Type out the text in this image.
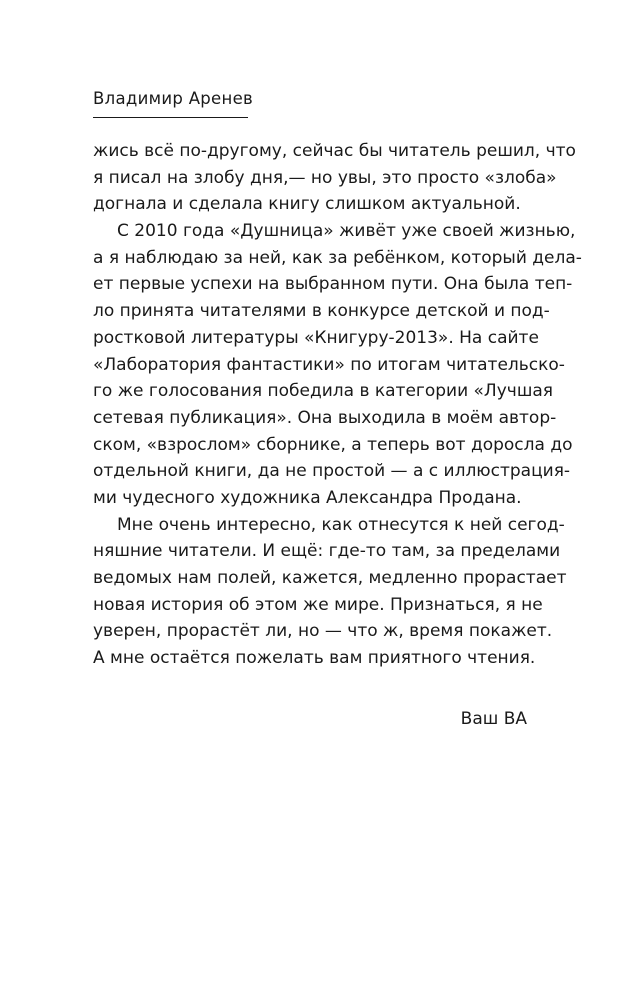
Владимир Аренев

жись всё по-другому, сейчас бы читатель решил, что
я писал на злобу дня,— но увы, это просто «злоба»
догнала и сделала книгу слишком актуальной.

С 2010 года «Душница» живёт уже своей жизнью,
а я наблюдаю за ней, как за ребёнком, который дела-
ет первые успехи на выбранном пути. Она была теп-
ло принята читателями в конкурсе детской и под-
ростковой литературы «Книгуру-2013». На сайте
«Лаборатория фантастики» по итогам читательско-
го же голосования победила в категории «Лучшая
сетевая публикация». Она выходила в моём автор-
ском, «взрослом» сборнике, а теперь вот доросла до
отдельной книги, да не простой — а с иллюстрация-
ми чудесного художника Александра Продана.

Мне очень интересно, как отнесутся к ней сегод-
няшние читатели. И ещё: где-то там, за пределами
ведомых нам полей, кажется, медленно прорастает
новая история об этом же мире. Признаться, я не
уверен, прорастёт ли, но — что ж, время покажет.
А мне остаётся пожелать вам приятного чтения.

Ваш ВА
